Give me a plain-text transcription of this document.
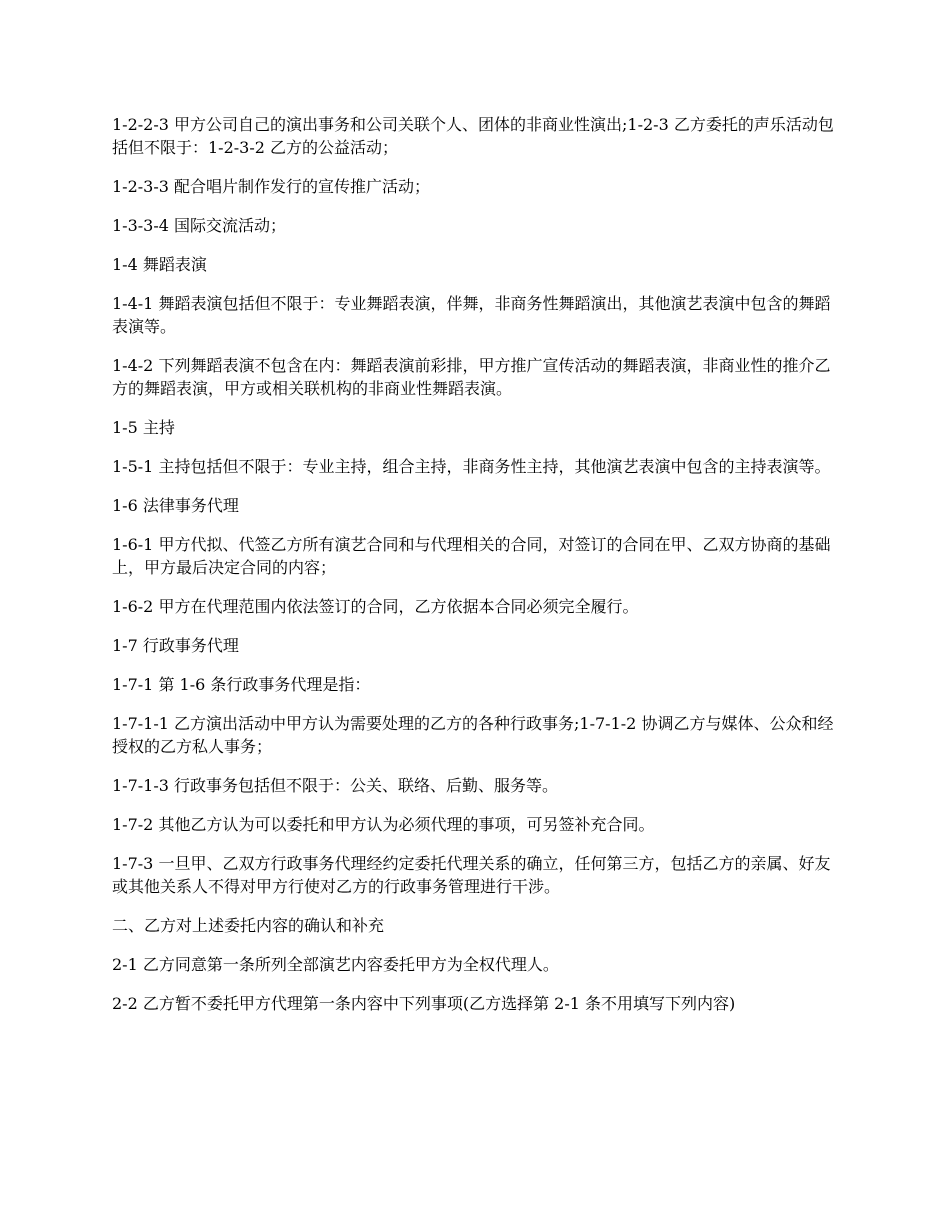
1-2-2-3 甲方公司自己的演出事务和公司关联个人、团体的非商业性演出;1-2-3 乙方委托的声乐活动包括但不限于：1-2-3-2 乙方的公益活动；

1-2-3-3 配合唱片制作发行的宣传推广活动；

1-3-3-4 国际交流活动；

1-4 舞蹈表演

1-4-1 舞蹈表演包括但不限于：专业舞蹈表演，伴舞，非商务性舞蹈演出，其他演艺表演中包含的舞蹈表演等。

1-4-2 下列舞蹈表演不包含在内：舞蹈表演前彩排，甲方推广宣传活动的舞蹈表演，非商业性的推介乙方的舞蹈表演，甲方或相关联机构的非商业性舞蹈表演。

1-5 主持

1-5-1 主持包括但不限于：专业主持，组合主持，非商务性主持，其他演艺表演中包含的主持表演等。

1-6 法律事务代理

1-6-1 甲方代拟、代签乙方所有演艺合同和与代理相关的合同，对签订的合同在甲、乙双方协商的基础上，甲方最后决定合同的内容；

1-6-2 甲方在代理范围内依法签订的合同，乙方依据本合同必须完全履行。

1-7 行政事务代理

1-7-1 第 1-6 条行政事务代理是指：

1-7-1-1 乙方演出活动中甲方认为需要处理的乙方的各种行政事务;1-7-1-2 协调乙方与媒体、公众和经授权的乙方私人事务；

1-7-1-3 行政事务包括但不限于：公关、联络、后勤、服务等。

1-7-2 其他乙方认为可以委托和甲方认为必须代理的事项，可另签补充合同。

1-7-3 一旦甲、乙双方行政事务代理经约定委托代理关系的确立，任何第三方，包括乙方的亲属、好友或其他关系人不得对甲方行使对乙方的行政事务管理进行干涉。

二、乙方对上述委托内容的确认和补充

2-1 乙方同意第一条所列全部演艺内容委托甲方为全权代理人。

2-2 乙方暂不委托甲方代理第一条内容中下列事项(乙方选择第 2-1 条不用填写下列内容)
